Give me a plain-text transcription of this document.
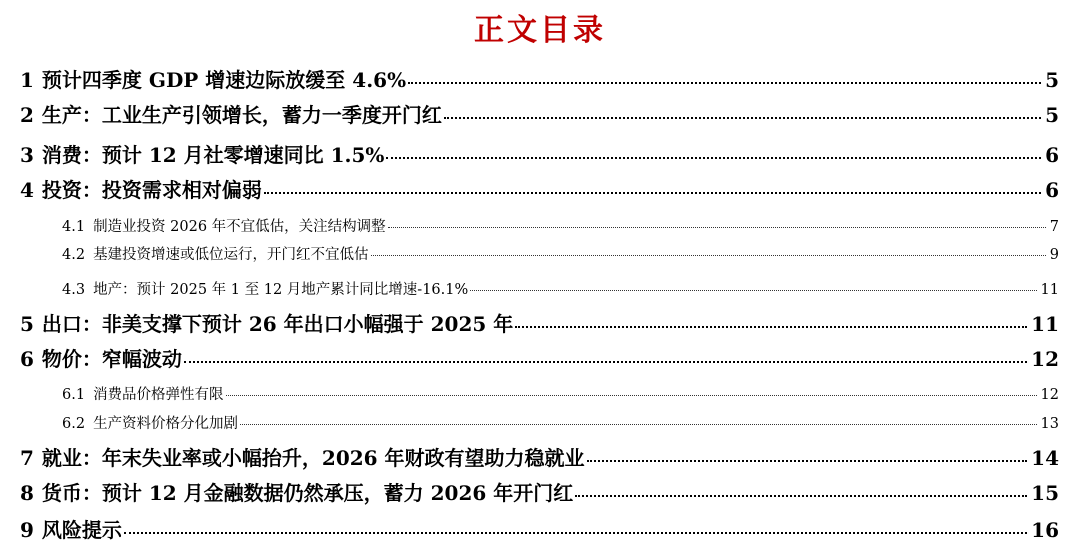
正文目录
1 预计四季度 GDP 增速边际放缓至 4.6%	5
2 生产：工业生产引领增长，蓄力一季度开门红	5
3 消费：预计 12 月社零增速同比 1.5%	6
4 投资：投资需求相对偏弱	6
4.1 制造业投资 2026 年不宜低估，关注结构调整	7
4.2 基建投资增速或低位运行，开门红不宜低估	9
4.3 地产：预计 2025 年 1 至 12 月地产累计同比增速-16.1%	11
5 出口：非美支撑下预计 26 年出口小幅强于 2025 年	11
6 物价：窄幅波动	12
6.1 消费品价格弹性有限	12
6.2 生产资料价格分化加剧	13
7 就业：年末失业率或小幅抬升，2026 年财政有望助力稳就业	14
8 货币：预计 12 月金融数据仍然承压，蓄力 2026 年开门红	15
9 风险提示	16
